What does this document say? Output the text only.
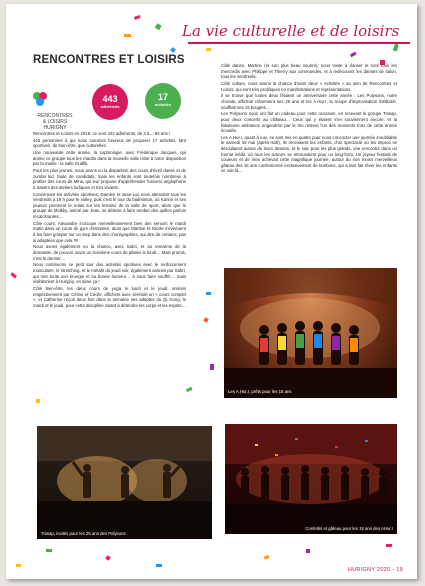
La vie culturelle et de loisirs
RENCONTRES ET LOISIRS
RENCONTRES
& LOISIRS
HURIGNY
443
adhérents
17
activités

Rencontres et Loisirs en 2019, ce sont 443 adhérents, de 3 à… 84 ans !

443 personnes à qui nous sommes heureux de proposer 17 activités, tant sportives, de bien-être, que culturelles.

Une nouveauté cette année, la sophrologie, avec Frédérique Jacques, qui anime ce groupe tous les mardis dans la nouvelle salle mise à notre disposition par la mairie : la salle Graffiti.

Pour les plus jeunes, nous avons vu la disparition des cours d'éveil danse et de zumba kid, faute de candidats, mais les enfants sont toutefois nombreux à profiter des cours de Mina, qui leur propose d'appréhender l'univers anglophone à travers des ateliers ludiques et très vivants.

Concernant les activités sportives, Damien et Jean-Luc vous attendent tous les vendredis à 19 h pour le volley, puis c'est le tour du badminton, où Karine et ses joueurs prennent le relais sur les terrains de la salle de sport, alors que le groupe de Molkky, animé par Jean, se délecte à faire tomber des quilles parfois récalcitrantes…

Côté cours, Alexandre s'occupe merveilleusement bien des seniors le mardi matin dans un cours de gym d'entretien, alors que Martine et Nicole s'évertuent à les faire grimper sur un step dans des chorégraphies, qui dire de certains, pas si adaptées que cela !!!!

Nous avons également eu la chance, avec Sabri, et sa Vnnarme de la demande, de pouvoir ouvrir un troisième cours de pilates le lundi… Mais promis, c'est le dernier…

Nous continuons ce petit tour des activités sportives avec le renforcement musculaire, le stretching, et le métafit du jeudi soir, également animés par Sabri, qui met toute son énergie et sa bonne humeur… à vous faire souffrir… mais visiblement à Hurigny, on aime ça !

Côté bien-être, les deux cours de yoga le lundi et le jeudi, animés respectivement par Céline et Cécile, affichent avec sérénité un « cours complet », et Catherine reçoit deux fois dans la semaine ses adeptes du Qi Gong, le mardi et le jeudi, pour cette discipline visant à détendre les corps et les esprits…

Côté danse, Martine (et son plus beau sourire), nous invite à danser le rock tous les mercredis avec Philippe et Thierry aux commandes, et à redécouvrir les danses de salon, tous les vendredis.

Côté culture, nous avons la chance d'avoir deux « Activités » au sein de Rencontres et Loisirs, qui sont très prolifiques en manifestations et représentations.

Il se trouve que toutes deux fêtaient un anniversaire cette année : Les Polysons, notre chorale, affichait crânement ses 25 ans et les A.Hur.I, la troupe d'improvisation théâtrale, soufflait ses 15 bougies…

Les Polysons nous ont fait un cadeau pour cette occasion, en recevant le groupe Triwap, pour deux concerts au château… Ceux qui y étaient s'en souviennent encore, et la fabuleuse ambiance engendrée par le trio restera l'un des moments forts de cette année écoulée.

Les A.Hur.I, quant à eux, se sont mis en quatre pour nous concocter une journée inoubliable le samedi 18 mai (après-midi), ils recevaient les enfants, d'un spectacle où les impros se déroulaient autour de leurs dessins, et le soir, pour les plus grands, une rencontre dans un format inédit, où tous les acteurs se retrouvaient pour un long-form. Un joyeux festival de couleurs et de rires achevait cette magnifique journée, autour du non moins merveilleux gâteau des 15 ans confectionné exclusivement de bonbons, qui a tant fait rêver les enfants ce soir-là…

Les A.Hur.I, prêts pour les 15 ans
Triwap, invités pour les 25 ans des Polysons
Confettis et gâteau pour les 15 ans des AHur.I
HURIGNY 2020 - 19
